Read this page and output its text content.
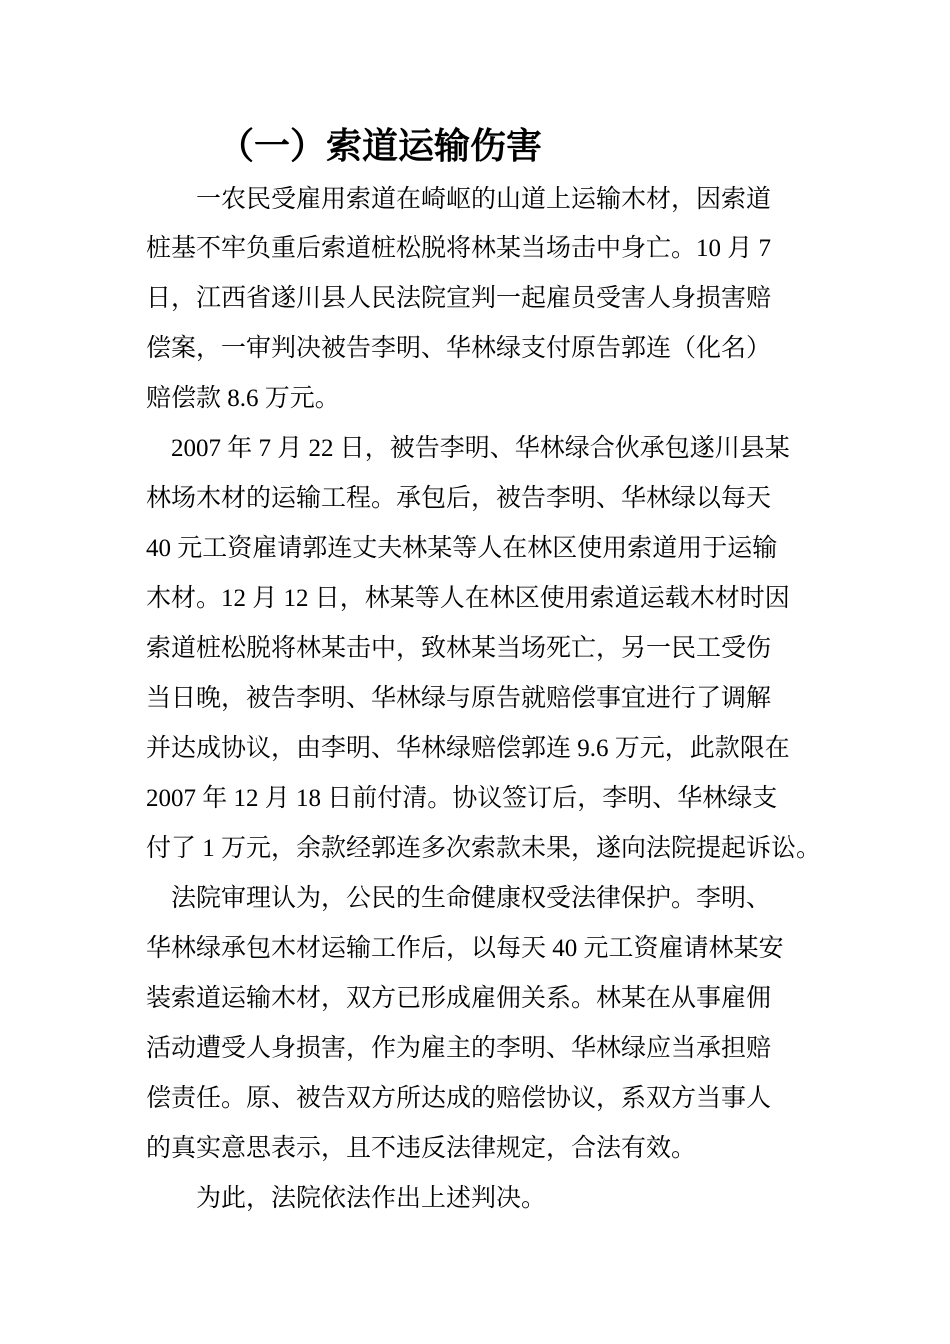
（一）索道运输伤害
一农民受雇用索道在崎岖的山道上运输木材，因索道
桩基不牢负重后索道桩松脱将林某当场击中身亡。10 月 7
日，江西省遂川县人民法院宣判一起雇员受害人身损害赔
偿案，一审判决被告李明、华林绿支付原告郭连（化名）
赔偿款 8.6 万元。
2007 年 7 月 22 日，被告李明、华林绿合伙承包遂川县某
林场木材的运输工程。承包后，被告李明、华林绿以每天
40 元工资雇请郭连丈夫林某等人在林区使用索道用于运输
木材。12 月 12 日，林某等人在林区使用索道运载木材时因
索道桩松脱将林某击中，致林某当场死亡，另一民工受伤
当日晚，被告李明、华林绿与原告就赔偿事宜进行了调解
并达成协议，由李明、华林绿赔偿郭连 9.6 万元，此款限在
2007 年 12 月 18 日前付清。协议签订后，李明、华林绿支
付了 1 万元，余款经郭连多次索款未果，遂向法院提起诉讼。
法院审理认为，公民的生命健康权受法律保护。李明、
华林绿承包木材运输工作后，以每天 40 元工资雇请林某安
装索道运输木材，双方已形成雇佣关系。林某在从事雇佣
活动遭受人身损害，作为雇主的李明、华林绿应当承担赔
偿责任。原、被告双方所达成的赔偿协议，系双方当事人
的真实意思表示，且不违反法律规定，合法有效。
为此，法院依法作出上述判决。
